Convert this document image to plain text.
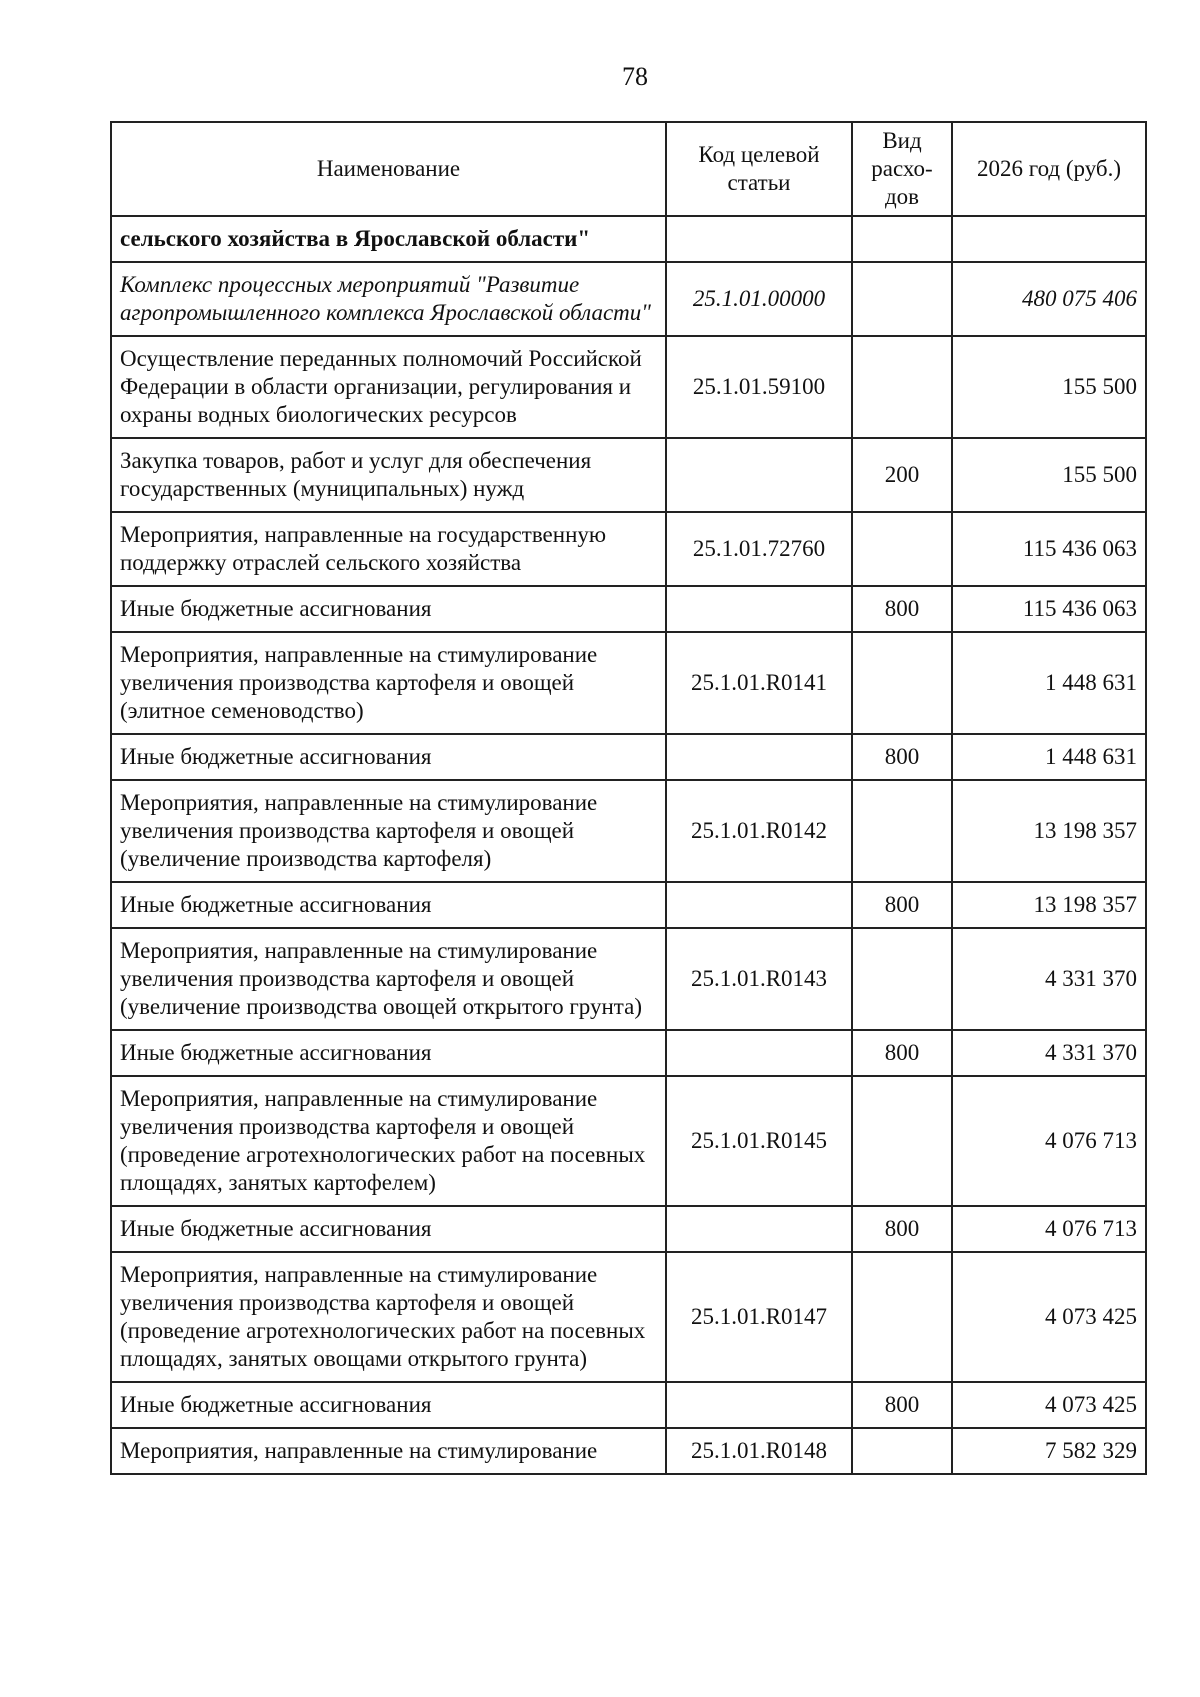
78
Наименование	Код целевой статьи	Вид расхо-дов	2026 год (руб.)
сельского хозяйства в Ярославской области"			
Комплекс процессных мероприятий "Развитие агропромышленного комплекса Ярославской области"	25.1.01.00000		480 075 406
Осуществление переданных полномочий Российской Федерации в области организации, регулирования и охраны водных биологических ресурсов	25.1.01.59100		155 500
Закупка товаров, работ и услуг для обеспечения государственных (муниципальных) нужд		200	155 500
Мероприятия, направленные на государственную поддержку отраслей сельского хозяйства	25.1.01.72760		115 436 063
Иные бюджетные ассигнования		800	115 436 063
Мероприятия, направленные на стимулирование увеличения производства картофеля и овощей (элитное семеноводство)	25.1.01.R0141		1 448 631
Иные бюджетные ассигнования		800	1 448 631
Мероприятия, направленные на стимулирование увеличения производства картофеля и овощей (увеличение производства картофеля)	25.1.01.R0142		13 198 357
Иные бюджетные ассигнования		800	13 198 357
Мероприятия, направленные на стимулирование увеличения производства картофеля и овощей (увеличение производства овощей открытого грунта)	25.1.01.R0143		4 331 370
Иные бюджетные ассигнования		800	4 331 370
Мероприятия, направленные на стимулирование увеличения производства картофеля и овощей (проведение агротехнологических работ на посевных площадях, занятых картофелем)	25.1.01.R0145		4 076 713
Иные бюджетные ассигнования		800	4 076 713
Мероприятия, направленные на стимулирование увеличения производства картофеля и овощей (проведение агротехнологических работ на посевных площадях, занятых овощами открытого грунта)	25.1.01.R0147		4 073 425
Иные бюджетные ассигнования		800	4 073 425
Мероприятия, направленные на стимулирование	25.1.01.R0148		7 582 329
